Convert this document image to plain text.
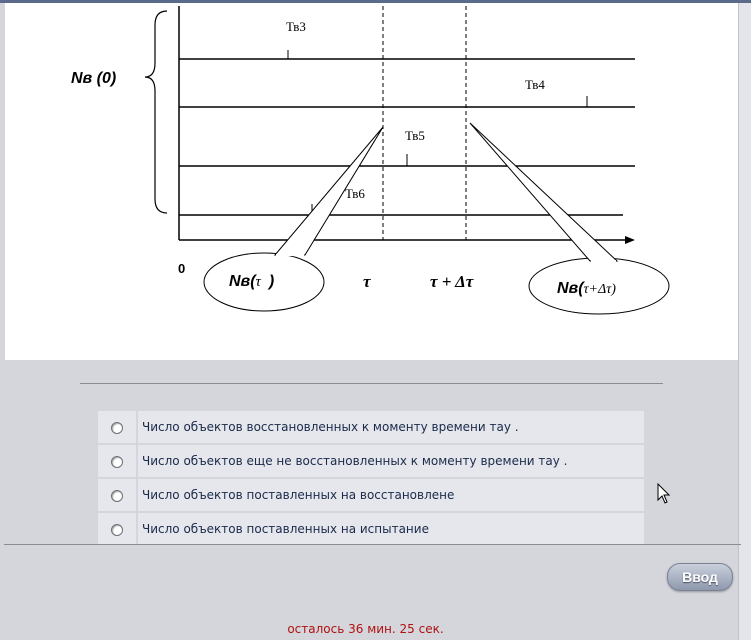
Тв3
Тв4
Тв5
Тв6
Nв (0)
0
τ	τ + Δτ
Nв(τ )	Nв(τ+Δτ)
	Число объектов восстановленных к моменту времени тау .
	Число объектов еще не восстановленных к моменту времени тау .
	Число объектов поставленных на восстановлене
	Число объектов поставленных на испытание
Ввод
осталось 36 мин. 25 сек.
